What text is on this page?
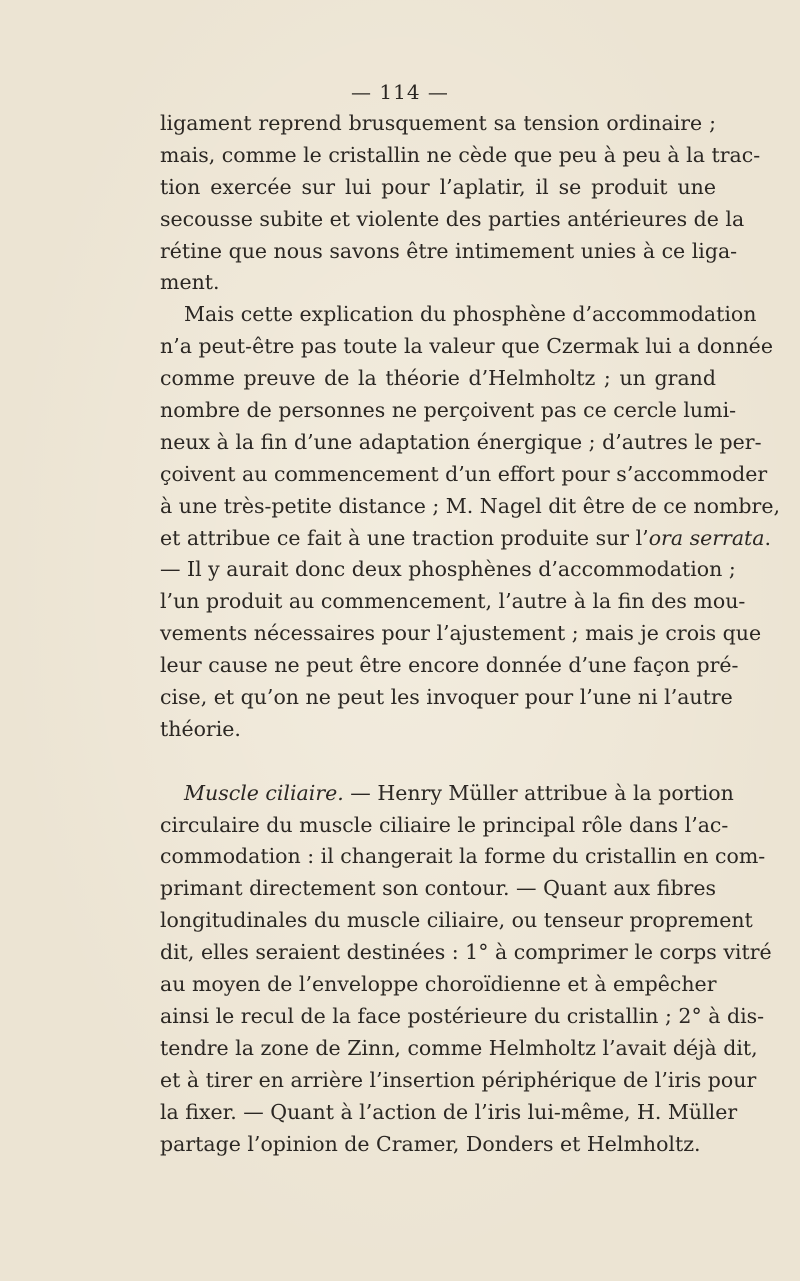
— 114 —
ligament reprend brusquement sa tension ordinaire ;
mais, comme le cristallin ne cède que peu à peu à la trac-
tion exercée sur lui pour l’aplatir, il se produit une
secousse subite et violente des parties antérieures de la
rétine que nous savons être intimement unies à ce liga-
ment.
Mais cette explication du phosphène d’accommodation
n’a peut-être pas toute la valeur que Czermak lui a donnée
comme preuve de la théorie d’Helmholtz ; un grand
nombre de personnes ne perçoivent pas ce cercle lumi-
neux à la fin d’une adaptation énergique ; d’autres le per-
çoivent au commencement d’un effort pour s’accommoder
à une très-petite distance ; M. Nagel dit être de ce nombre,
et attribue ce fait à une traction produite sur l’ora serrata.
— Il y aurait donc deux phosphènes d’accommodation ;
l’un produit au commencement, l’autre à la fin des mou-
vements nécessaires pour l’ajustement ; mais je crois que
leur cause ne peut être encore donnée d’une façon pré-
cise, et qu’on ne peut les invoquer pour l’une ni l’autre
théorie.
Muscle ciliaire. — Henry Müller attribue à la portion
circulaire du muscle ciliaire le principal rôle dans l’ac-
commodation : il changerait la forme du cristallin en com-
primant directement son contour. — Quant aux fibres
longitudinales du muscle ciliaire, ou tenseur proprement
dit, elles seraient destinées : 1° à comprimer le corps vitré
au moyen de l’enveloppe choroïdienne et à empêcher
ainsi le recul de la face postérieure du cristallin ; 2° à dis-
tendre la zone de Zinn, comme Helmholtz l’avait déjà dit,
et à tirer en arrière l’insertion périphérique de l’iris pour
la fixer. — Quant à l’action de l’iris lui-même, H. Müller
partage l’opinion de Cramer, Donders et Helmholtz.
